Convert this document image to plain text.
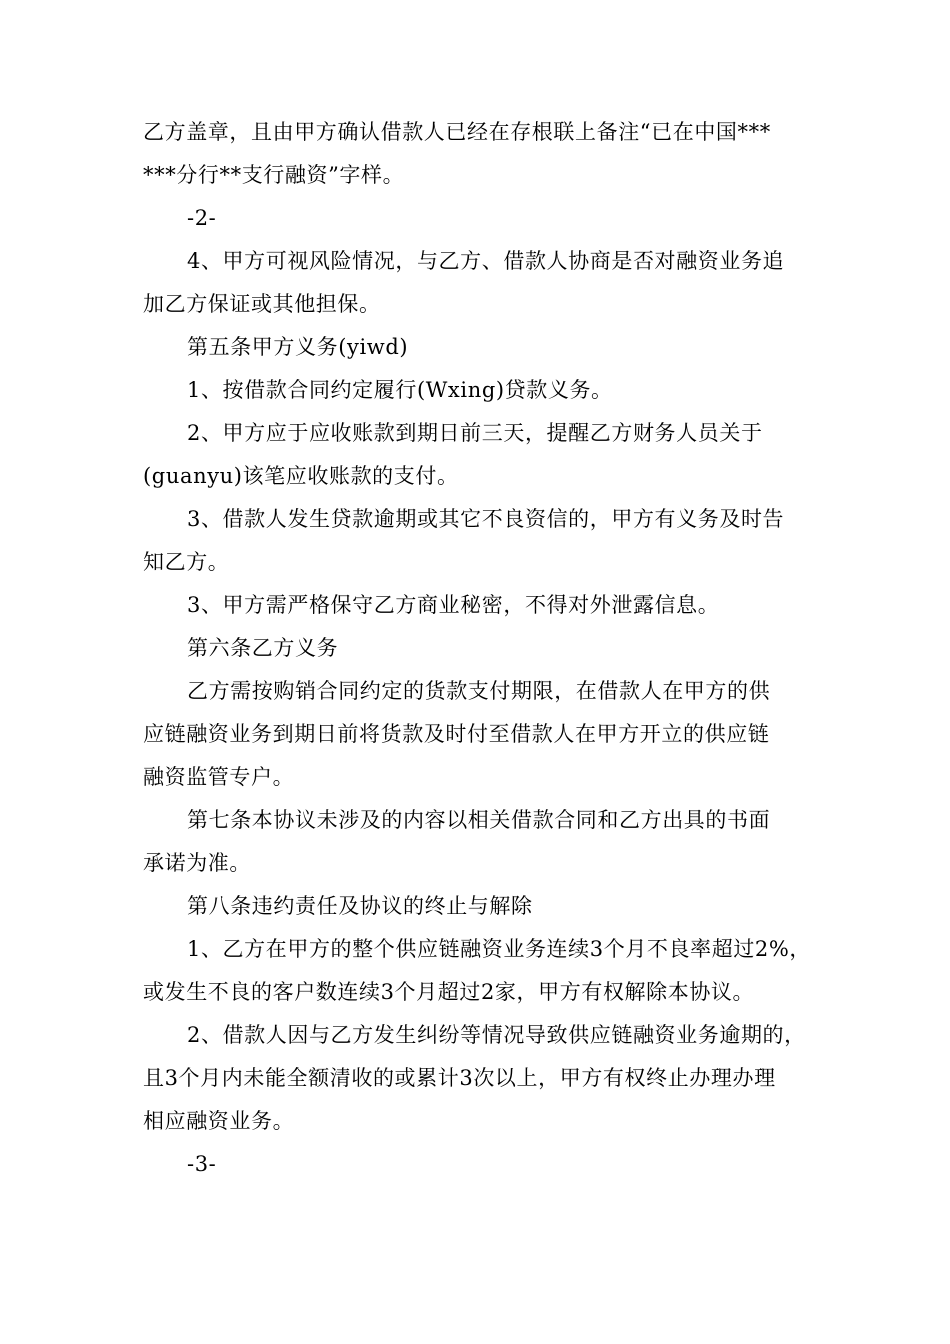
乙方盖章，且由甲方确认借款人已经在存根联上备注“已在中国***
***分行**支行融资”字样。
-2-
4、甲方可视风险情况，与乙方、借款人协商是否对融资业务追
加乙方保证或其他担保。
第五条甲方义务(yiwd)
1、按借款合同约定履行(Wxing)贷款义务。
2、甲方应于应收账款到期日前三天，提醒乙方财务人员关于
(guanyu)该笔应收账款的支付。
3、借款人发生贷款逾期或其它不良资信的，甲方有义务及时告
知乙方。
3、甲方需严格保守乙方商业秘密，不得对外泄露信息。
第六条乙方义务
乙方需按购销合同约定的货款支付期限，在借款人在甲方的供
应链融资业务到期日前将货款及时付至借款人在甲方开立的供应链
融资监管专户。
第七条本协议未涉及的内容以相关借款合同和乙方出具的书面
承诺为准。
第八条违约责任及协议的终止与解除
1、乙方在甲方的整个供应链融资业务连续3个月不良率超过2%，
或发生不良的客户数连续3个月超过2家，甲方有权解除本协议。
2、借款人因与乙方发生纠纷等情况导致供应链融资业务逾期的，
且3个月内未能全额清收的或累计3次以上，甲方有权终止办理办理
相应融资业务。
-3-
